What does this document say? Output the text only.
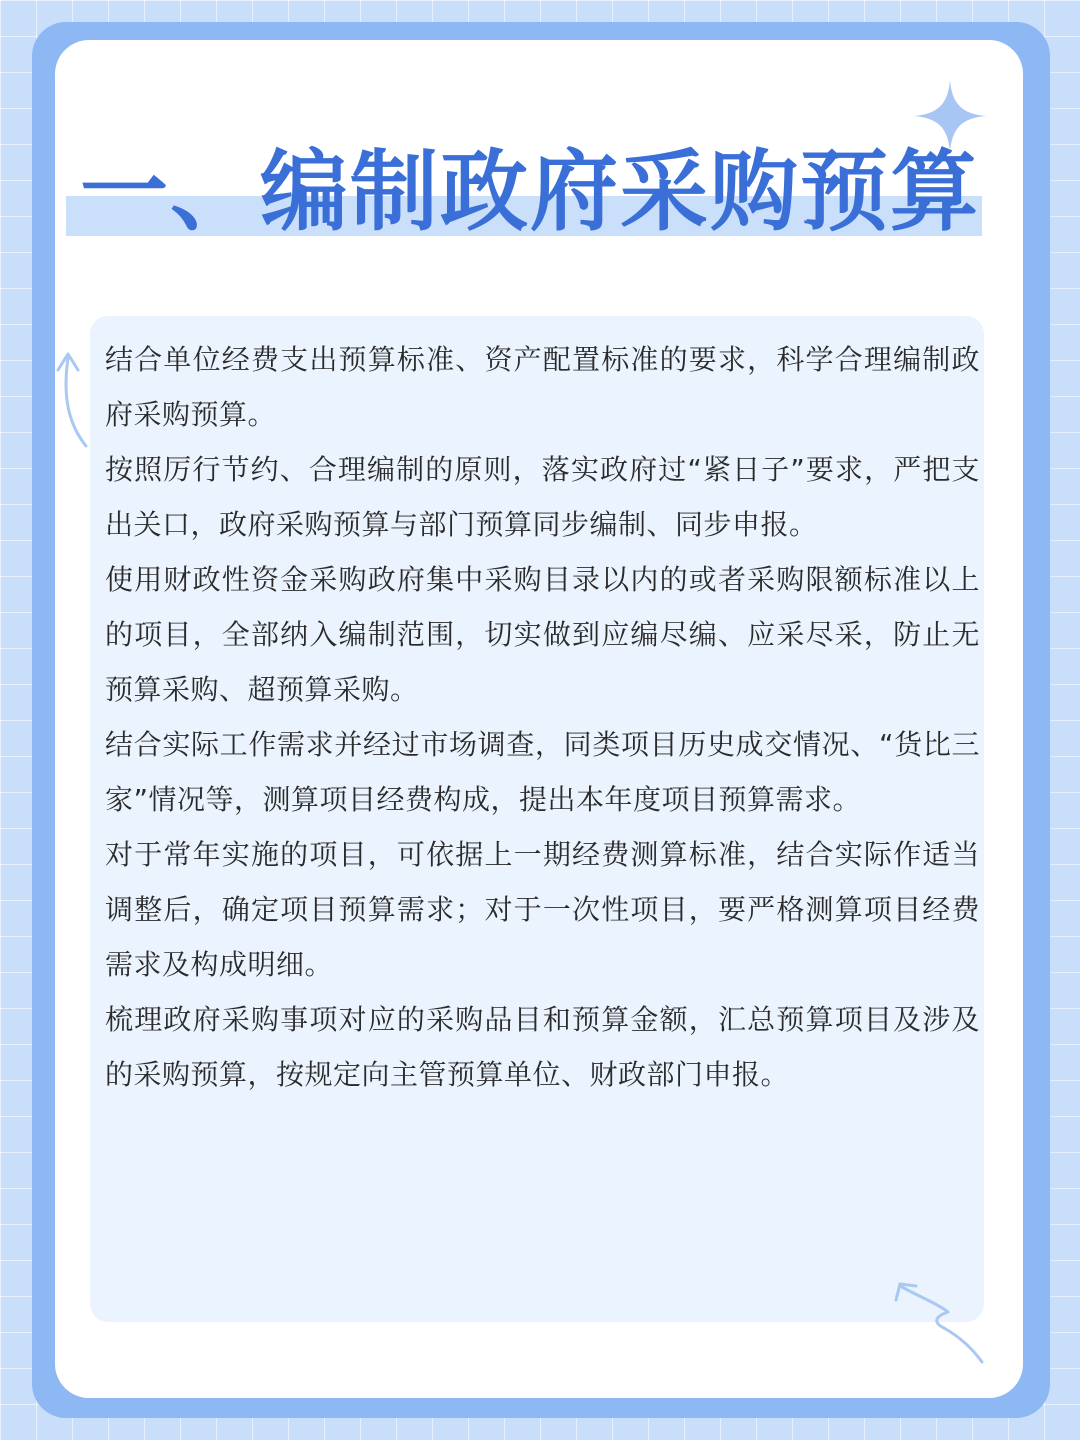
一、编制政府采购预算

结合单位经费支出预算标准、资产配置标准的要求，科学合理编制政府采购预算。

按照厉行节约、合理编制的原则，落实政府过“紧日子”要求，严把支出关口，政府采购预算与部门预算同步编制、同步申报。

使用财政性资金采购政府集中采购目录以内的或者采购限额标准以上的项目，全部纳入编制范围，切实做到应编尽编、应采尽采，防止无预算采购、超预算采购。

结合实际工作需求并经过市场调查，同类项目历史成交情况、“货比三家”情况等，测算项目经费构成，提出本年度项目预算需求。

对于常年实施的项目，可依据上一期经费测算标准，结合实际作适当调整后，确定项目预算需求；对于一次性项目，要严格测算项目经费需求及构成明细。

梳理政府采购事项对应的采购品目和预算金额，汇总预算项目及涉及的采购预算，按规定向主管预算单位、财政部门申报。
